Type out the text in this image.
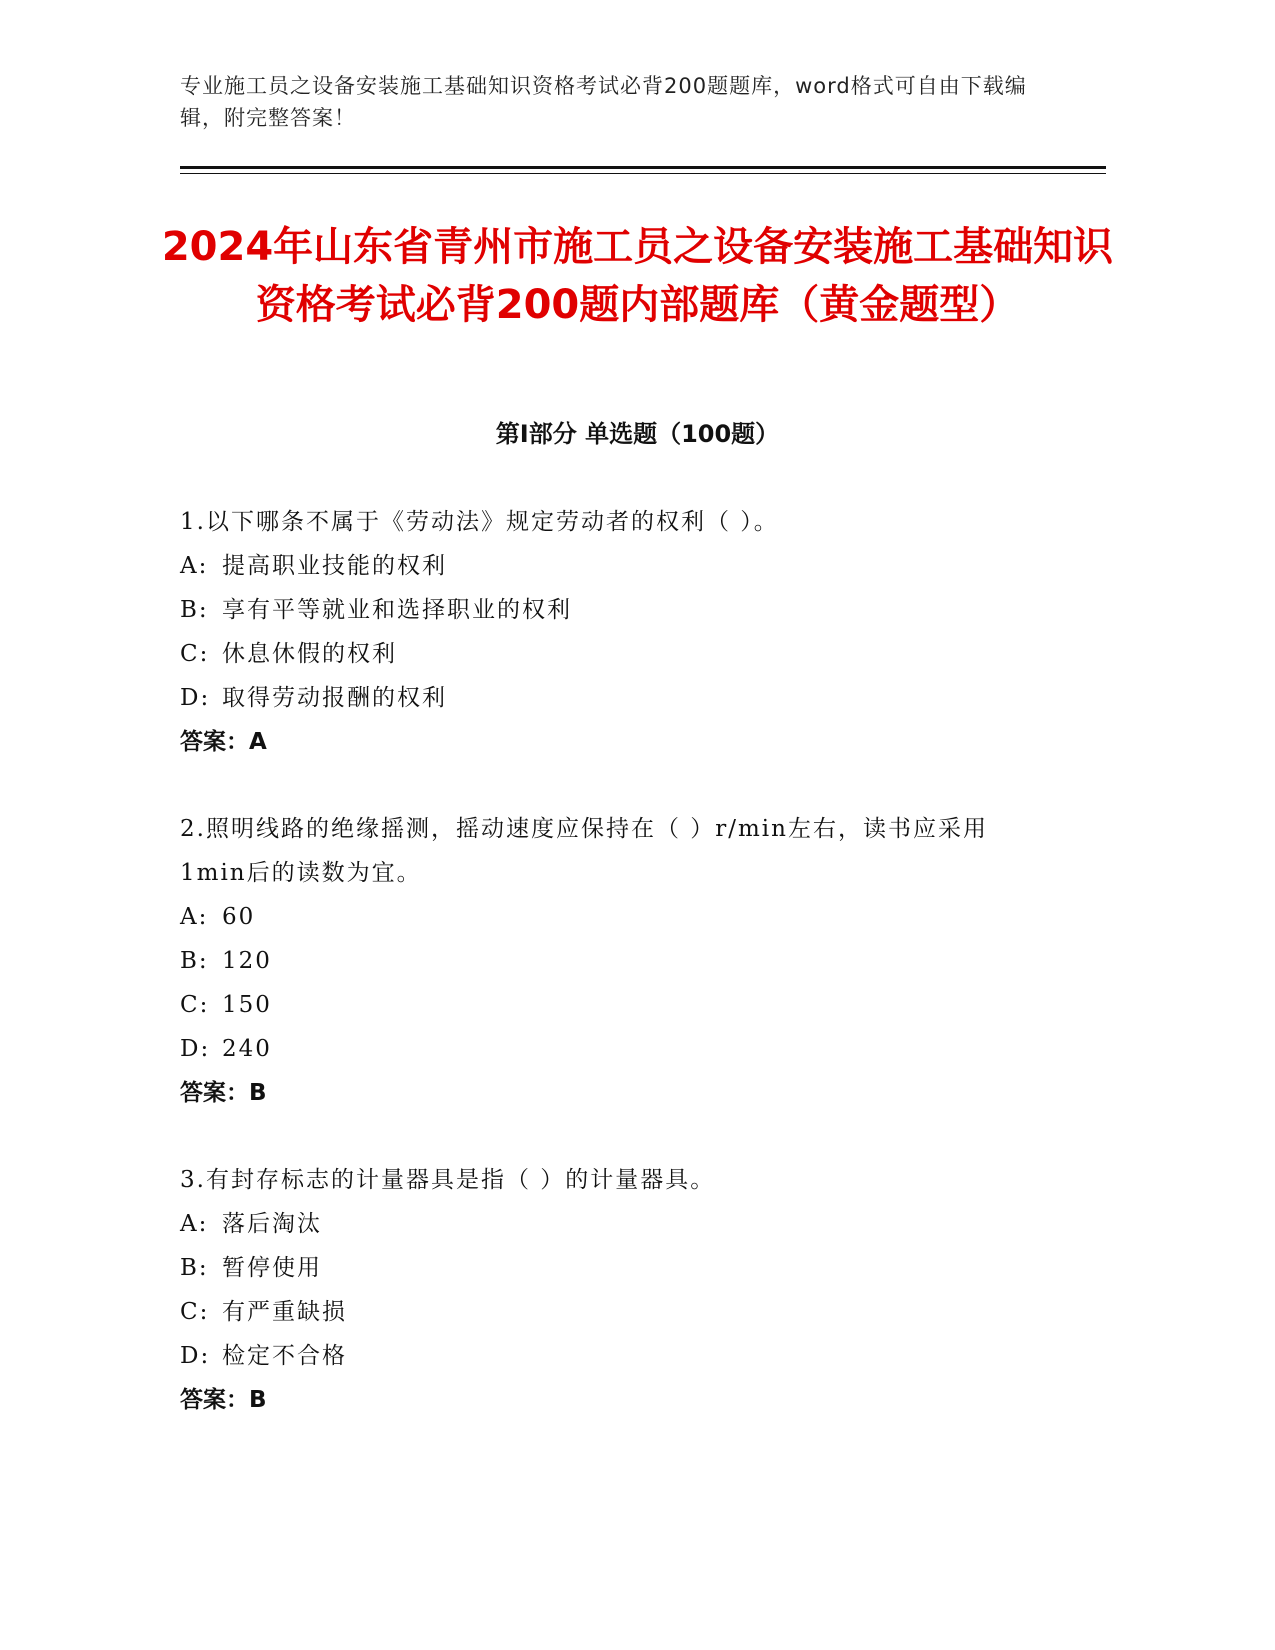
专业施工员之设备安装施工基础知识资格考试必背200题题库，word格式可自由下载编辑，附完整答案！
2024年山东省青州市施工员之设备安装施工基础知识资格考试必背200题内部题库（黄金题型）
第Ⅰ部分 单选题（100题）
1.以下哪条不属于《劳动法》规定劳动者的权利（ ）。
A: 提高职业技能的权利
B: 享有平等就业和选择职业的权利
C: 休息休假的权利
D: 取得劳动报酬的权利
答案：A
2.照明线路的绝缘摇测，摇动速度应保持在（ ）r/min左右，读书应采用1min后的读数为宜。
A: 60
B: 120
C: 150
D: 240
答案：B
3.有封存标志的计量器具是指（ ）的计量器具。
A: 落后淘汰
B: 暂停使用
C: 有严重缺损
D: 检定不合格
答案：B
